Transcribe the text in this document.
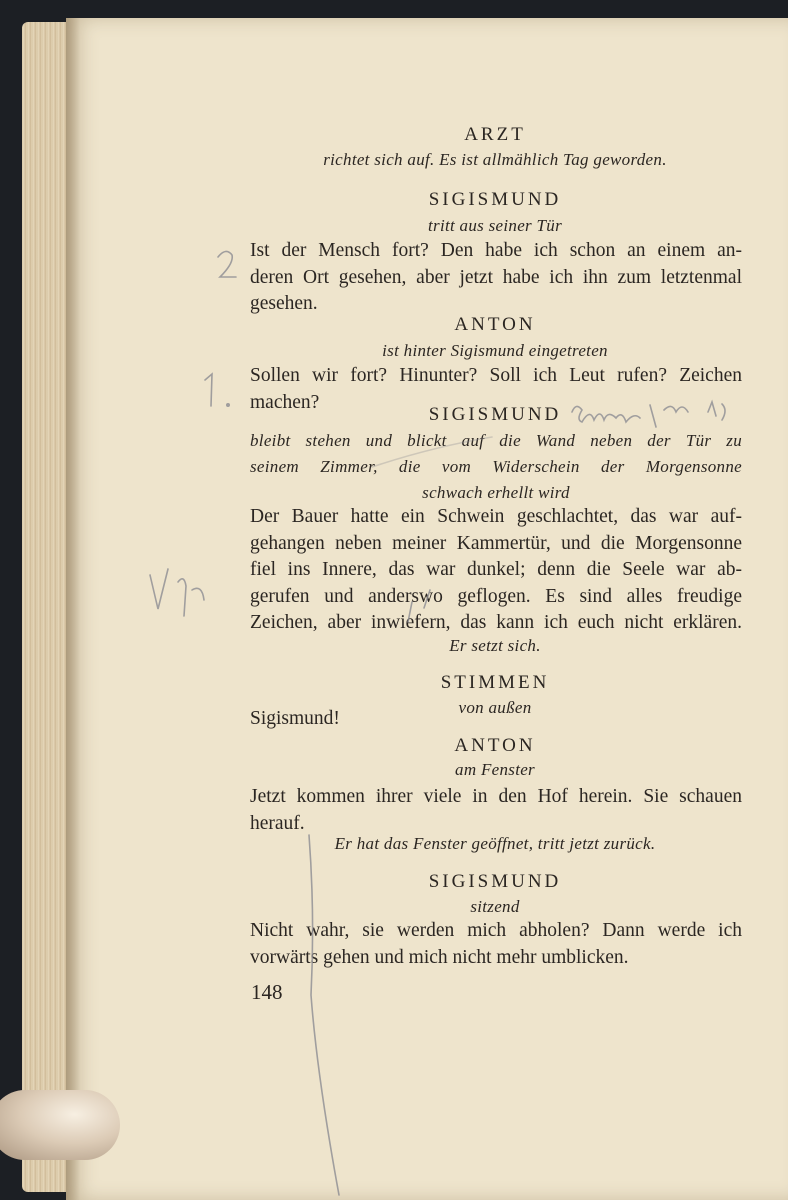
ARZT
richtet sich auf. Es ist allmählich Tag geworden.
SIGISMUND
tritt aus seiner Tür
Ist der Mensch fort? Den habe ich schon an einem an-
deren Ort gesehen, aber jetzt habe ich ihn zum letztenmal
gesehen.
ANTON
ist hinter Sigismund eingetreten
Sollen wir fort? Hinunter? Soll ich Leut rufen? Zeichen
machen?
SIGISMUND
bleibt stehen und blickt auf die Wand neben der Tür zu
seinem Zimmer, die vom Widerschein der Morgensonne
schwach erhellt wird
Der Bauer hatte ein Schwein geschlachtet, das war auf-
gehangen neben meiner Kammertür, und die Morgensonne
fiel ins Innere, das war dunkel; denn die Seele war ab-
gerufen und anderswo geflogen. Es sind alles freudige
Zeichen, aber inwiefern, das kann ich euch nicht erklären.
Er setzt sich.
STIMMEN
von außen
Sigismund!
ANTON
am Fenster
Jetzt kommen ihrer viele in den Hof herein. Sie schauen
herauf.
Er hat das Fenster geöffnet, tritt jetzt zurück.
SIGISMUND
sitzend
Nicht wahr, sie werden mich abholen? Dann werde ich
vorwärts gehen und mich nicht mehr umblicken.
148
